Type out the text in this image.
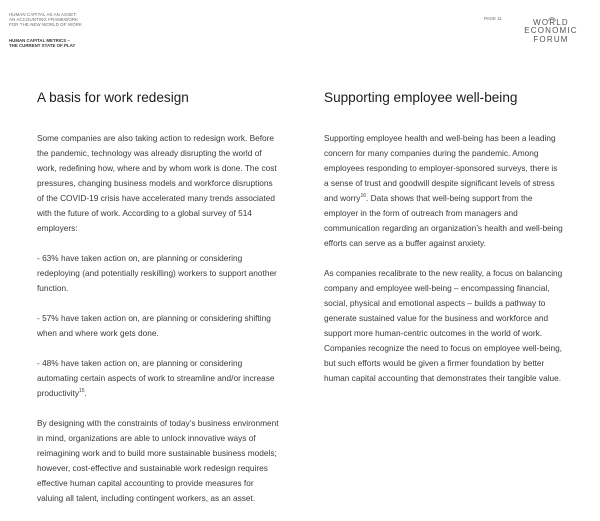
HUMAN CAPITAL AS AN ASSET:
AN ACCOUNTING FRAMEWORK
FOR THE NEW WORLD OF WORK
HUMAN CAPITAL METRICS –
THE CURRENT STATE OF PLAY
PAGE 11	WORLD
ECONOMIC
FORUM
A basis for work redesign	Supporting employee well-being

Some companies are also taking action to redesign work. Before the pandemic, technology was already disrupting the world of work, redefining how, where and by whom work is done. The cost pressures, changing business models and workforce disruptions of the COVID-19 crisis have accelerated many trends associated with the future of work. According to a global survey of 514 employers:

- 63% have taken action on, are planning or considering redeploying (and potentially reskilling) workers to support another function.

- 57% have taken action on, are planning or considering shifting when and where work gets done.

- 48% have taken action on, are planning or considering automating certain aspects of work to streamline and/or increase productivity$^{15}$.

By designing with the constraints of today’s business environment in mind, organizations are able to unlock innovative ways of reimagining work and to build more sustainable business models; however, cost-effective and sustainable work redesign requires effective human capital accounting to provide measures for valuing all talent, including contingent workers, as an asset.

Supporting employee health and well-being has been a leading concern for many companies during the pandemic. Among employees responding to employer-sponsored surveys, there is a sense of trust and goodwill despite significant levels of stress and worry$^{16}$. Data shows that well-being support from the employer in the form of outreach from managers and communication regarding an organization’s health and well-being efforts can serve as a buffer against anxiety.

As companies recalibrate to the new reality, a focus on balancing company and employee well-being – encompassing financial, social, physical and emotional aspects – builds a pathway to generate sustained value for the business and workforce and support more human-centric outcomes in the world of work. Companies recognize the need to focus on employee well-being, but such efforts would be given a firmer foundation by better human capital accounting that demonstrates their tangible value.
